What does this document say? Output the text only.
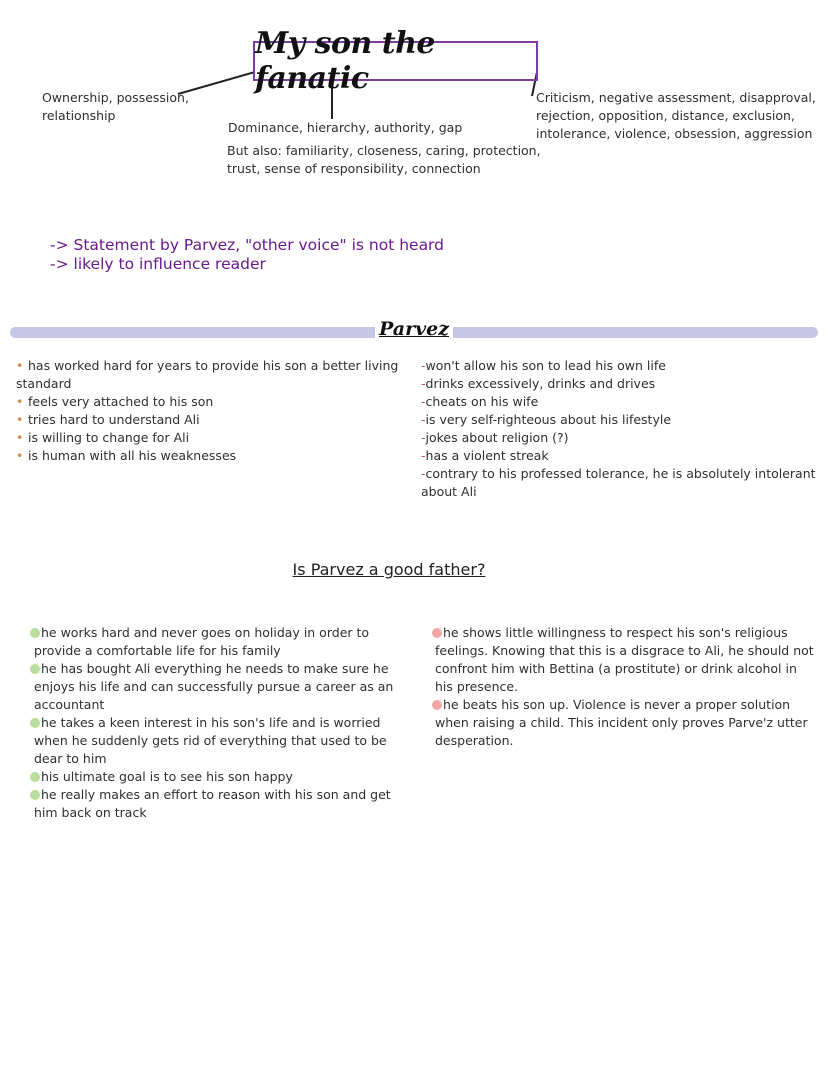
My son the fanatic
Ownership, possession,
relationship
Dominance, hierarchy, authority, gap
But also: familiarity, closeness, caring, protection,
trust, sense of responsibility, connection
Criticism, negative assessment, disapproval,
rejection, opposition, distance, exclusion,
intolerance, violence, obsession, aggression
-> Statement by Parvez, "other voice" is not heard
-> likely to influence reader
Parvez
• has worked hard for years to provide his son a better living
standard
• feels very attached to his son
• tries hard to understand Ali
• is willing to change for Ali
• is human with all his weaknesses
-won't allow his son to lead his own life
-drinks excessively, drinks and drives
-cheats on his wife
-is very self-righteous about his lifestyle
-jokes about religion (?)
-has a violent streak
-contrary to his professed tolerance, he is absolutely intolerant
about Ali
Is Parvez a good father?
he works hard and never goes on holiday in order to
provide a comfortable life for his family
he has bought Ali everything he needs to make sure he
enjoys his life and can successfully pursue a career as an
accountant
he takes a keen interest in his son's life and is worried
when he suddenly gets rid of everything that used to be
dear to him
his ultimate goal is to see his son happy
he really makes an effort to reason with his son and get
him back on track
he shows little willingness to respect his son's religious
feelings. Knowing that this is a disgrace to Ali, he should not
confront him with Bettina (a prostitute) or drink alcohol in
his presence.
he beats his son up. Violence is never a proper solution
when raising a child. This incident only proves Parve'z utter
desperation.
